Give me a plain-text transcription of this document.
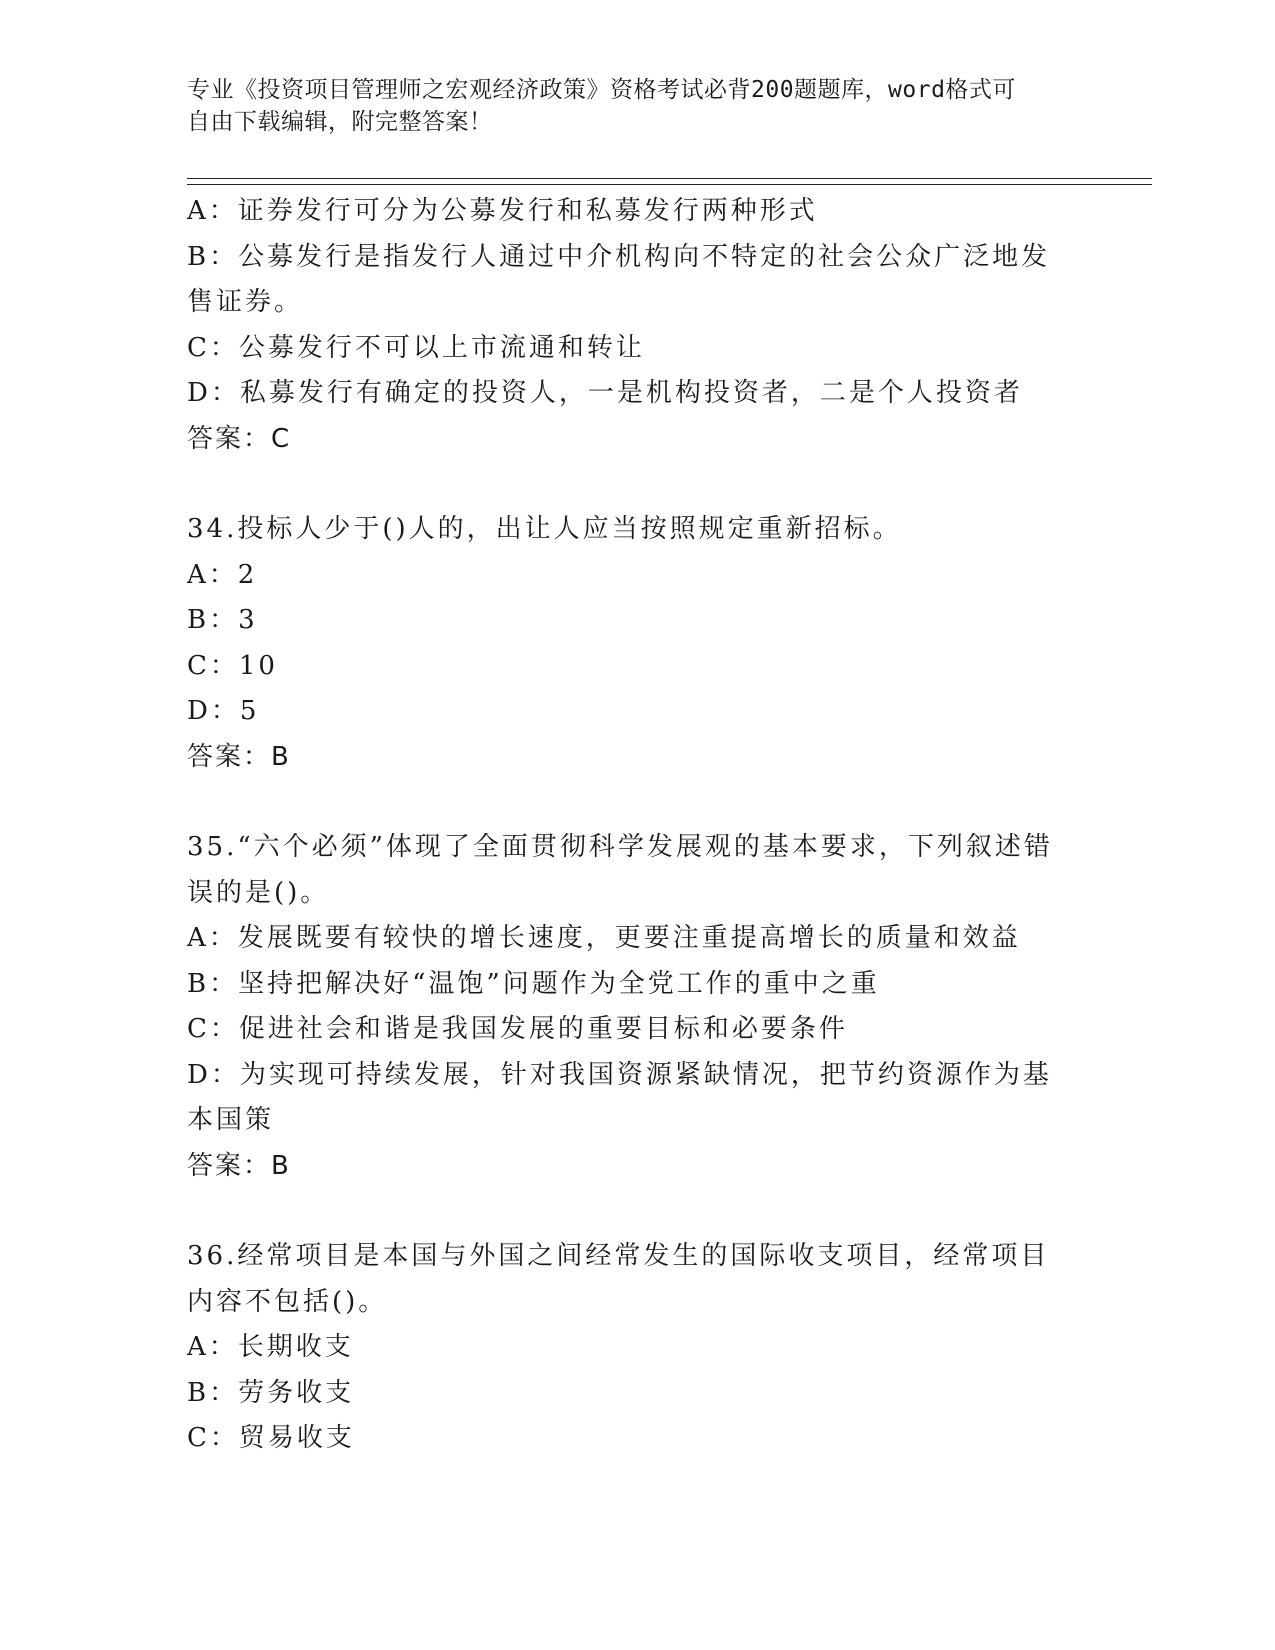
专业《投资项目管理师之宏观经济政策》资格考试必背200题题库，word格式可
自由下载编辑，附完整答案！

A：证券发行可分为公募发行和私募发行两种形式

B：公募发行是指发行人通过中介机构向不特定的社会公众广泛地发售证券。

C：公募发行不可以上市流通和转让

D：私募发行有确定的投资人，一是机构投资者，二是个人投资者

答案：C

34.投标人少于()人的，出让人应当按照规定重新招标。

A：2

B：3

C：10

D：5

答案：B

35.“六个必须”体现了全面贯彻科学发展观的基本要求，下列叙述错误的是()。

A：发展既要有较快的增长速度，更要注重提高增长的质量和效益

B：坚持把解决好“温饱”问题作为全党工作的重中之重

C：促进社会和谐是我国发展的重要目标和必要条件

D：为实现可持续发展，针对我国资源紧缺情况，把节约资源作为基本国策

答案：B

36.经常项目是本国与外国之间经常发生的国际收支项目，经常项目内容不包括()。

A：长期收支

B：劳务收支

C：贸易收支
